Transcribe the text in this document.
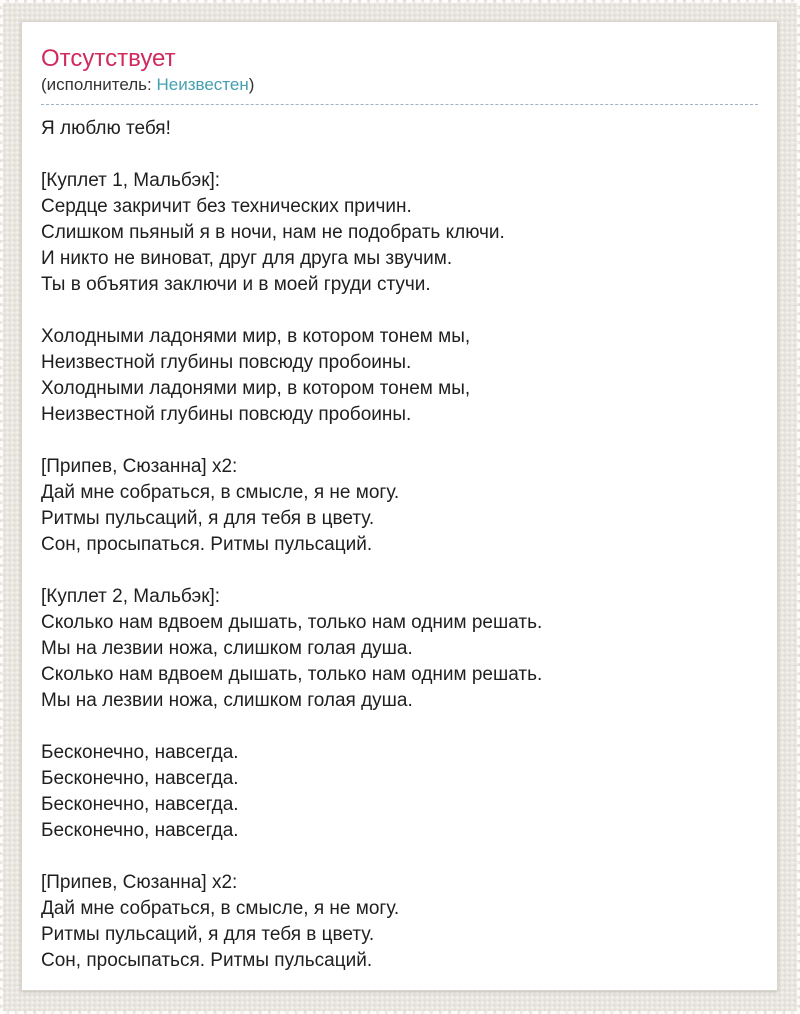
Отсутствует
(исполнитель: Неизвестен)
Я люблю тебя!

[Куплет 1, Мальбэк]:
Сердце закричит без технических причин.
Слишком пьяный я в ночи, нам не подобрать ключи.
И никто не виноват, друг для друга мы звучим.
Ты в объятия заключи и в моей груди стучи.

Холодными ладонями мир, в котором тонем мы,
Неизвестной глубины повсюду пробоины.
Холодными ладонями мир, в котором тонем мы,
Неизвестной глубины повсюду пробоины.

[Припев, Сюзанна] x2:
Дай мне собраться, в смысле, я не могу.
Ритмы пульсаций, я для тебя в цвету.
Сон, просыпаться. Ритмы пульсаций.

[Куплет 2, Мальбэк]:
Сколько нам вдвоем дышать, только нам одним решать.
Мы на лезвии ножа, слишком голая душа.
Сколько нам вдвоем дышать, только нам одним решать.
Мы на лезвии ножа, слишком голая душа.

Бесконечно, навсегда.
Бесконечно, навсегда.
Бесконечно, навсегда.
Бесконечно, навсегда.

[Припев, Сюзанна] x2:
Дай мне собраться, в смысле, я не могу.
Ритмы пульсаций, я для тебя в цвету.
Сон, просыпаться. Ритмы пульсаций.
